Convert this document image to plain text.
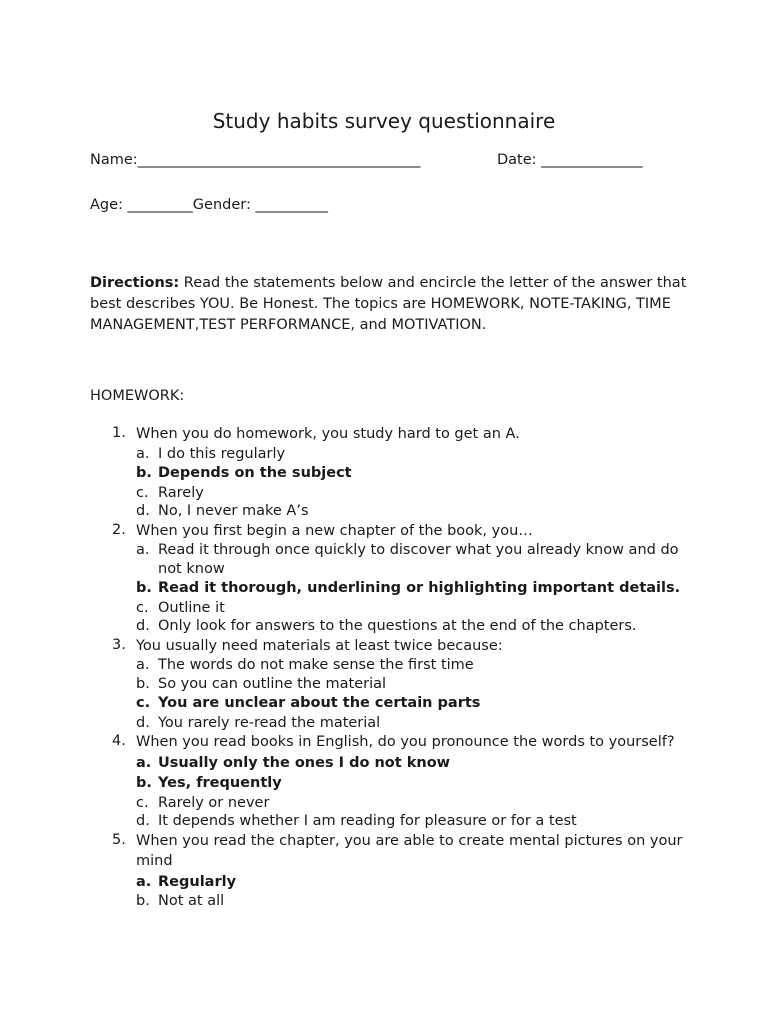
Study habits survey questionnaire
Name:_______________________________________	Date: ______________
Age: _________Gender: __________
Directions: Read the statements below and encircle the letter of the answer that best describes YOU. Be Honest. The topics are HOMEWORK, NOTE-TAKING, TIME MANAGEMENT,TEST PERFORMANCE, and MOTIVATION.
HOMEWORK:
1. When you do homework, you study hard to get an A.
a. I do this regularly
b. Depends on the subject
c. Rarely
d. No, I never make A’s
2. When you first begin a new chapter of the book, you…
a. Read it through once quickly to discover what you already know and do not know
b. Read it thorough, underlining or highlighting important details.
c. Outline it
d. Only look for answers to the questions at the end of the chapters.
3. You usually need materials at least twice because:
a. The words do not make sense the first time
b. So you can outline the material
c. You are unclear about the certain parts
d. You rarely re-read the material
4. When you read books in English, do you pronounce the words to yourself?
a. Usually only the ones I do not know
b. Yes, frequently
c. Rarely or never
d. It depends whether I am reading for pleasure or for a test
5. When you read the chapter, you are able to create mental pictures on your mind
a. Regularly
b. Not at all
